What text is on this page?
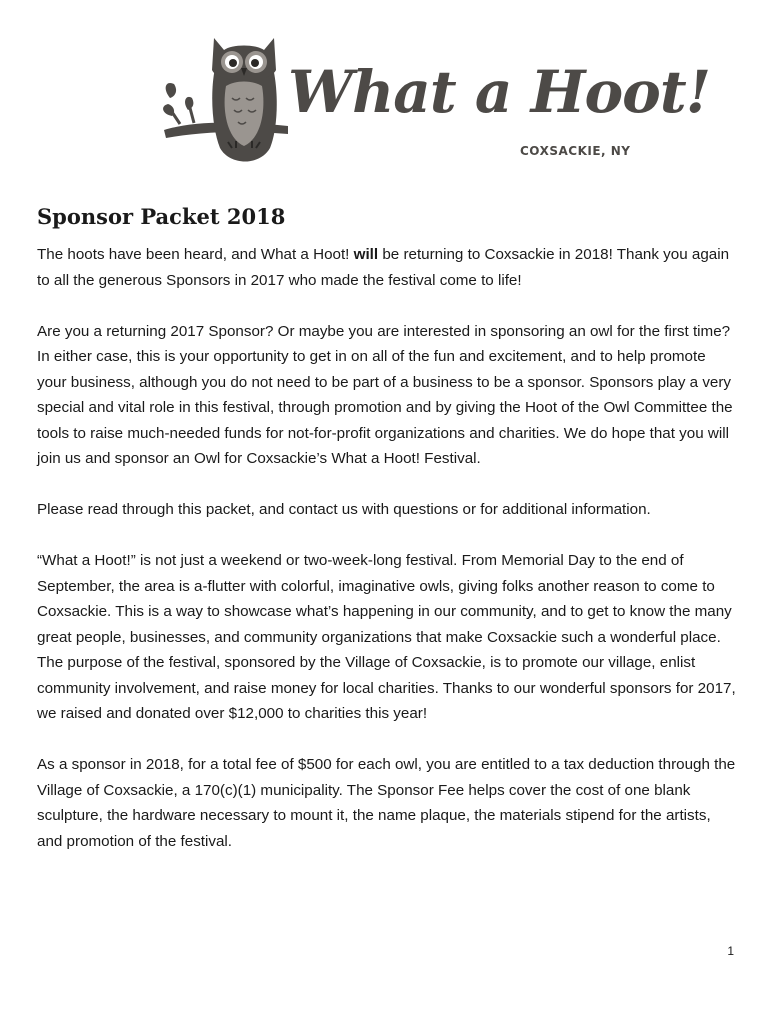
What a Hoot!
COXSACKIE, NY
Sponsor Packet 2018

The hoots have been heard, and What a Hoot! will be returning to Coxsackie in 2018! Thank you again to all the generous Sponsors in 2017 who made the festival come to life!

Are you a returning 2017 Sponsor? Or maybe you are interested in sponsoring an owl for the first time? In either case, this is your opportunity to get in on all of the fun and excitement, and to help promote your business, although you do not need to be part of a business to be a sponsor. Sponsors play a very special and vital role in this festival, through promotion and by giving the Hoot of the Owl Committee the tools to raise much-needed funds for not-for-profit organizations and charities. We do hope that you will join us and sponsor an Owl for Coxsackie’s What a Hoot! Festival.

Please read through this packet, and contact us with questions or for additional information.

“What a Hoot!” is not just a weekend or two-week-long festival. From Memorial Day to the end of September, the area is a-flutter with colorful, imaginative owls, giving folks another reason to come to Coxsackie. This is a way to showcase what’s happening in our community, and to get to know the many great people, businesses, and community organizations that make Coxsackie such a wonderful place. The purpose of the festival, sponsored by the Village of Coxsackie, is to promote our village, enlist community involvement, and raise money for local charities. Thanks to our wonderful sponsors for 2017, we raised and donated over $12,000 to charities this year!

As a sponsor in 2018, for a total fee of $500 for each owl, you are entitled to a tax deduction through the Village of Coxsackie, a 170(c)(1) municipality. The Sponsor Fee helps cover the cost of one blank sculpture, the hardware necessary to mount it, the name plaque, the materials stipend for the artists, and promotion of the festival.

1
